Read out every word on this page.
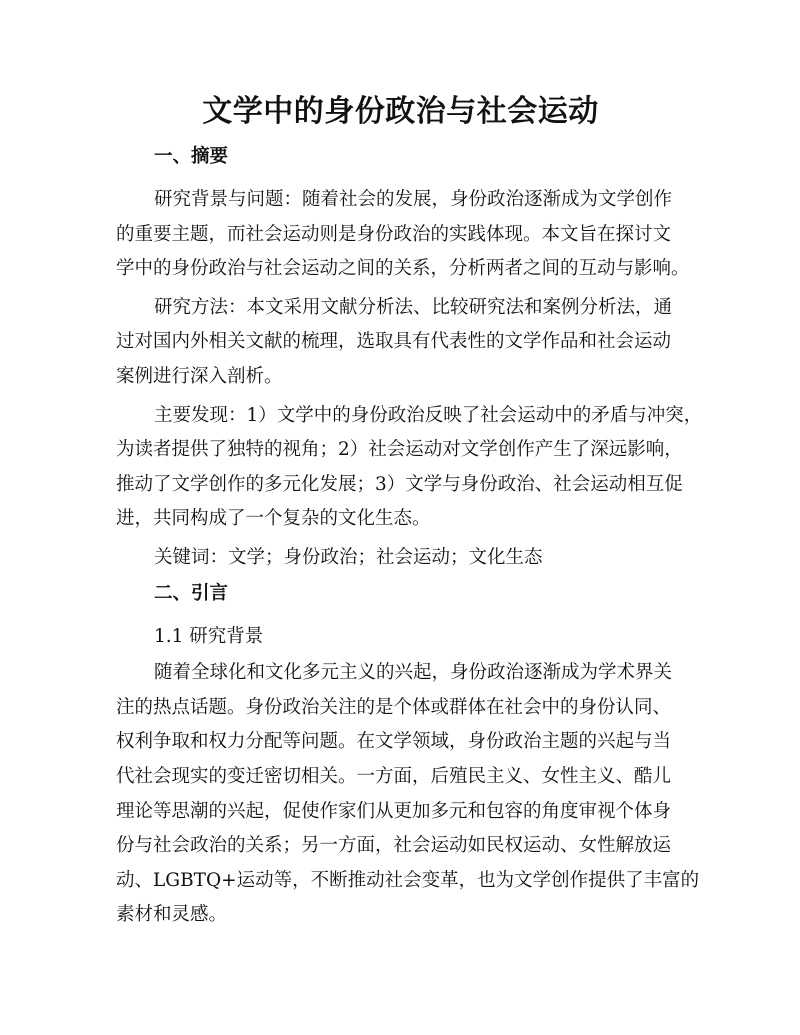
文学中的身份政治与社会运动
一、摘要
研究背景与问题：随着社会的发展，身份政治逐渐成为文学创作
的重要主题，而社会运动则是身份政治的实践体现。本文旨在探讨文
学中的身份政治与社会运动之间的关系，分析两者之间的互动与影响。
研究方法：本文采用文献分析法、比较研究法和案例分析法，通
过对国内外相关文献的梳理，选取具有代表性的文学作品和社会运动
案例进行深入剖析。
主要发现：1）文学中的身份政治反映了社会运动中的矛盾与冲突，
为读者提供了独特的视角；2）社会运动对文学创作产生了深远影响，
推动了文学创作的多元化发展；3）文学与身份政治、社会运动相互促
进，共同构成了一个复杂的文化生态。
关键词：文学；身份政治；社会运动；文化生态
二、引言
1.1 研究背景
随着全球化和文化多元主义的兴起，身份政治逐渐成为学术界关
注的热点话题。身份政治关注的是个体或群体在社会中的身份认同、
权利争取和权力分配等问题。在文学领域，身份政治主题的兴起与当
代社会现实的变迁密切相关。一方面，后殖民主义、女性主义、酷儿
理论等思潮的兴起，促使作家们从更加多元和包容的角度审视个体身
份与社会政治的关系；另一方面，社会运动如民权运动、女性解放运
动、LGBTQ+运动等，不断推动社会变革，也为文学创作提供了丰富的
素材和灵感。
